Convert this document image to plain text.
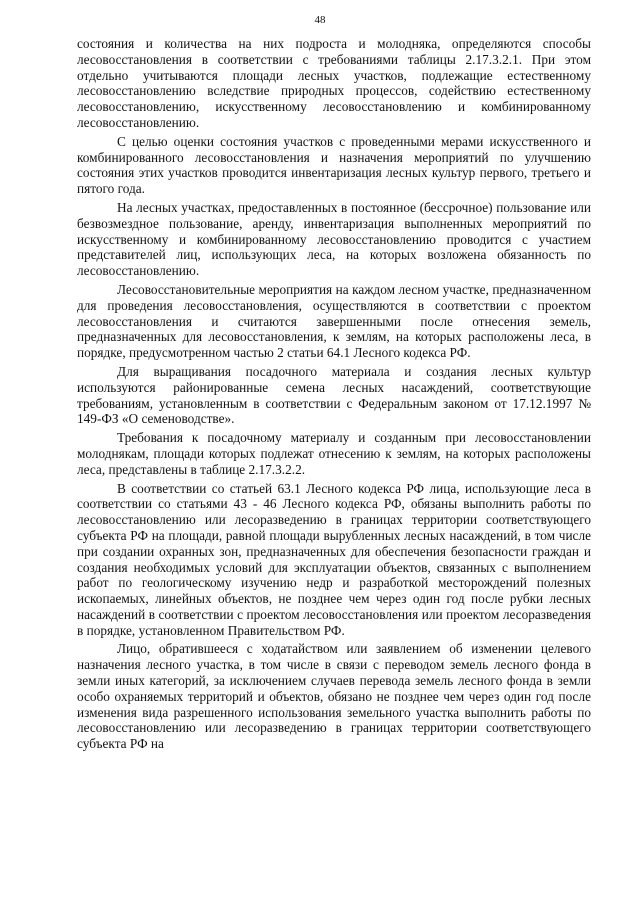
48

состояния и количества на них подроста и молодняка, определяются способы лесовосстановления в соответствии с требованиями таблицы 2.17.3.2.1. При этом отдельно учитываются площади лесных участков, подлежащие естественному лесовосстановлению вследствие природных процессов, содействию естественному лесовосстановлению, искусственному лесовосстановлению и комбинированному лесовосстановлению.

С целью оценки состояния участков с проведенными мерами искусственного и комбинированного лесовосстановления и назначения мероприятий по улучшению состояния этих участков проводится инвентаризация лесных культур первого, третьего и пятого года.

На лесных участках, предоставленных в постоянное (бессрочное) пользование или безвозмездное пользование, аренду, инвентаризация выполненных мероприятий по искусственному и комбинированному лесовосстановлению проводится с участием представителей лиц, использующих леса, на которых возложена обязанность по лесовосстановлению.

Лесовосстановительные мероприятия на каждом лесном участке, предназначенном для проведения лесовосстановления, осуществляются в соответствии с проектом лесовосстановления и считаются завершенными после отнесения земель, предназначенных для лесовосстановления, к землям, на которых расположены леса, в порядке, предусмотренном частью 2 статьи 64.1 Лесного кодекса РФ.

Для выращивания посадочного материала и создания лесных культур используются районированные семена лесных насаждений, соответствующие требованиям, установленным в соответствии с Федеральным законом от 17.12.1997 № 149-ФЗ «О семеноводстве».

Требования к посадочному материалу и созданным при лесовосстановлении молоднякам, площади которых подлежат отнесению к землям, на которых расположены леса, представлены в таблице 2.17.3.2.2.

В соответствии со статьей 63.1 Лесного кодекса РФ лица, использующие леса в соответствии со статьями 43 - 46 Лесного кодекса РФ, обязаны выполнить работы по лесовосстановлению или лесоразведению в границах территории соответствующего субъекта РФ на площади, равной площади вырубленных лесных насаждений, в том числе при создании охранных зон, предназначенных для обеспечения безопасности граждан и создания необходимых условий для эксплуатации объектов, связанных с выполнением работ по геологическому изучению недр и разработкой месторождений полезных ископаемых, линейных объектов, не позднее чем через один год после рубки лесных насаждений в соответствии с проектом лесовосстановления или проектом лесоразведения в порядке, установленном Правительством РФ.

Лицо, обратившееся с ходатайством или заявлением об изменении целевого назначения лесного участка, в том числе в связи с переводом земель лесного фонда в земли иных категорий, за исключением случаев перевода земель лесного фонда в земли особо охраняемых территорий и объектов, обязано не позднее чем через один год после изменения вида разрешенного использования земельного участка выполнить работы по лесовосстановлению или лесоразведению в границах территории соответствующего субъекта РФ на
